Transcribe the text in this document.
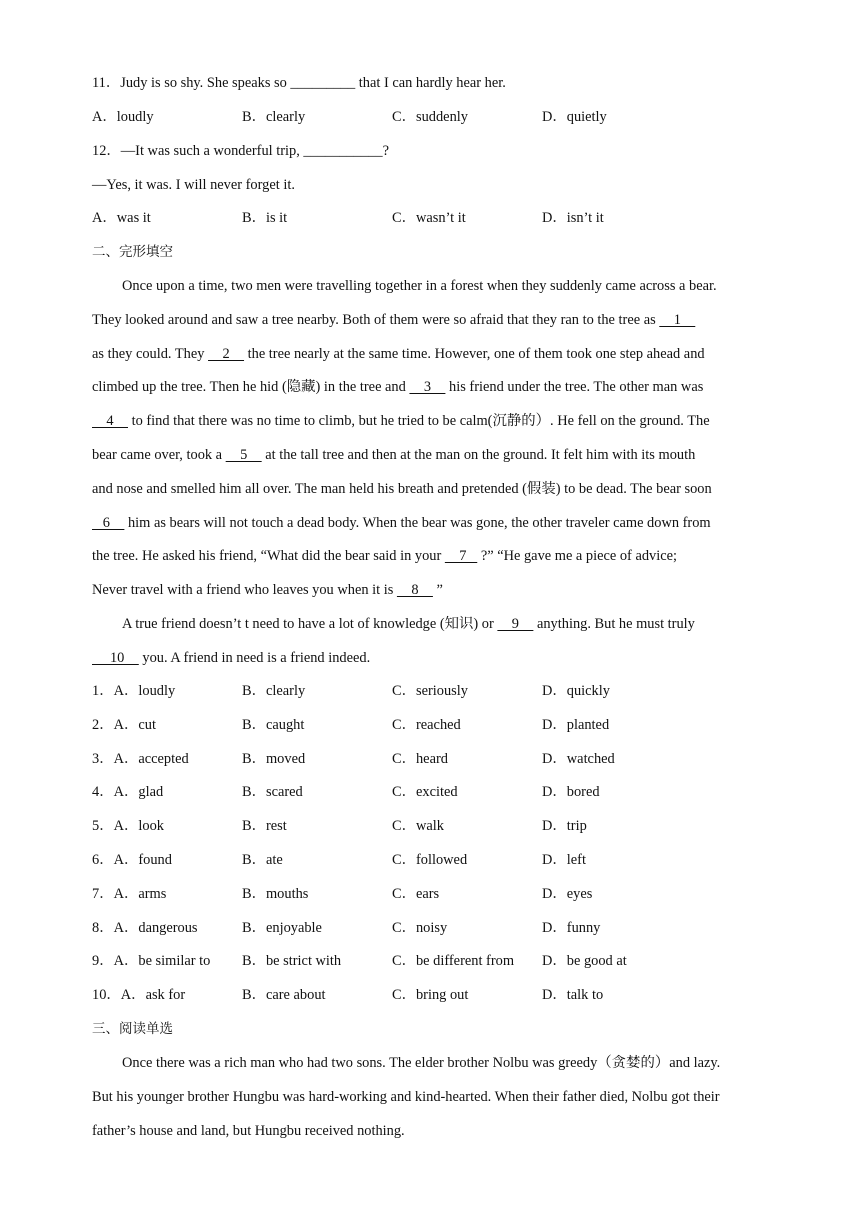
11．Judy is so shy. She speaks so _________ that I can hardly hear her.
A．loudly	B．clearly	C．suddenly	D．quietly
12．—It was such a wonderful trip, ___________?
—Yes, it was. I will never forget it.
A．was it	B．is it	C．wasn’t it	D．isn’t it
二、完形填空
Once upon a time, two men were travelling together in a forest when they suddenly came across a bear.
They looked around and saw a tree nearby. Both of them were so afraid that they ran to the tree as     1
as they could. They     2     the tree nearly at the same time. However, one of them took one step ahead and
climbed up the tree. Then he hid (隐藏) in the tree and     3     his friend under the tree. The other man was
4     to find that there was no time to climb, but he tried to be calm(沉静的）. He fell on the ground. The
bear came over, took a     5     at the tall tree and then at the man on the ground. It felt him with its mouth
and nose and smelled him all over. The man held his breath and pretended (假装) to be dead. The bear soon
6     him as bears will not touch a dead body. When the bear was gone, the other traveler came down from
the tree. He asked his friend, “What did the bear said in your     7    ?” “He gave me a piece of advice;
Never travel with a friend who leaves you when it is     8     ”
A true friend doesn’t t need to have a lot of knowledge (知识) or     9     anything. But he must truly
10     you. A friend in need is a friend indeed.
1．A．loudly	B．clearly	C．seriously	D．quickly
2．A．cut	B．caught	C．reached	D．planted
3．A．accepted	B．moved	C．heard	D．watched
4．A．glad	B．scared	C．excited	D．bored
5．A．look	B．rest	C．walk	D．trip
6．A．found	B．ate	C．followed	D．left
7．A．arms	B．mouths	C．ears	D．eyes
8．A．dangerous	B．enjoyable	C．noisy	D．funny
9．A．be similar to B．be strict with	C．be different from D．be good at
10．A．ask for	B．care about	C．bring out	D．talk to
三、阅读单选
Once there was a rich man who had two sons. The elder brother Nolbu was greedy（贪婪的）and lazy.
But his younger brother Hungbu was hard-working and kind-hearted. When their father died, Nolbu got their
father’s house and land, but Hungbu received nothing.
